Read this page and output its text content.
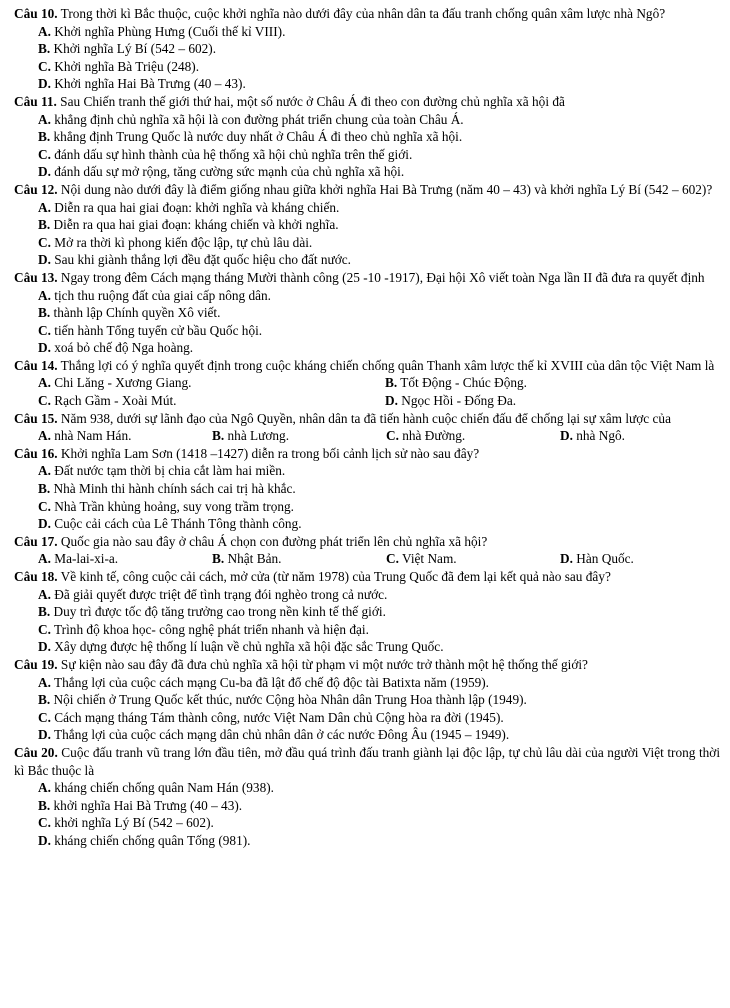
Câu 10. Trong thời kì Bắc thuộc, cuộc khởi nghĩa nào dưới đây của nhân dân ta đấu tranh chống quân xâm lược nhà Ngô?
A. Khởi nghĩa Phùng Hưng (Cuối thế kỉ VIII).
B. Khởi nghĩa Lý Bí (542 – 602).
C. Khởi nghĩa Bà Triệu (248).
D. Khởi nghĩa Hai Bà Trưng (40 – 43).
Câu 11. Sau Chiến tranh thế giới thứ hai, một số nước ở Châu Á đi theo con đường chủ nghĩa xã hội đã
A. khẳng định chủ nghĩa xã hội là con đường phát triển chung của toàn Châu Á.
B. khẳng định Trung Quốc là nước duy nhất ở Châu Á đi theo chủ nghĩa xã hội.
C. đánh dấu sự hình thành của hệ thống xã hội chủ nghĩa trên thế giới.
D. đánh dấu sự mở rộng, tăng cường sức mạnh của chủ nghĩa xã hội.
Câu 12. Nội dung nào dưới đây là điểm giống nhau giữa khởi nghĩa Hai Bà Trưng (năm 40 – 43) và khởi nghĩa Lý Bí (542 – 602)?
A. Diễn ra qua hai giai đoạn: khởi nghĩa và kháng chiến.
B. Diễn ra qua hai giai đoạn: kháng chiến và khởi nghĩa.
C. Mở ra thời kì phong kiến độc lập, tự chủ lâu dài.
D. Sau khi giành thắng lợi đều đặt quốc hiệu cho đất nước.
Câu 13. Ngay trong đêm Cách mạng tháng Mười thành công (25 -10 -1917), Đại hội Xô viết toàn Nga lần II đã đưa ra quyết định
A. tịch thu ruộng đất của giai cấp nông dân.
B. thành lập Chính quyền Xô viết.
C. tiến hành Tổng tuyển cử bầu Quốc hội.
D. xoá bỏ chế độ Nga hoàng.
Câu 14. Thắng lợi có ý nghĩa quyết định trong cuộc kháng chiến chống quân Thanh xâm lược thế kỉ XVIII của dân tộc Việt Nam là
A. Chi Lăng - Xương Giang.	B. Tốt Động - Chúc Động.
C. Rạch Gầm - Xoài Mút.	D. Ngọc Hồi - Đống Đa.
Câu 15. Năm 938, dưới sự lãnh đạo của Ngô Quyền, nhân dân ta đã tiến hành cuộc chiến đấu để chống lại sự xâm lược của
A. nhà Nam Hán.	B. nhà Lương.	C. nhà Đường.	D. nhà Ngô.
Câu 16. Khởi nghĩa Lam Sơn (1418 –1427) diễn ra trong bối cảnh lịch sử nào sau đây?
A. Đất nước tạm thời bị chia cắt làm hai miền.
B. Nhà Minh thi hành chính sách cai trị hà khắc.
C. Nhà Trần khủng hoảng, suy vong trầm trọng.
D. Cuộc cải cách của Lê Thánh Tông thành công.
Câu 17. Quốc gia nào sau đây ở châu Á chọn con đường phát triển lên chủ nghĩa xã hội?
A. Ma-lai-xi-a.	B. Nhật Bản.	C. Việt Nam.	D. Hàn Quốc.
Câu 18. Về kinh tế, công cuộc cải cách, mở cửa (từ năm 1978) của Trung Quốc đã đem lại kết quả nào sau đây?
A. Đã giải quyết được triệt để tình trạng đói nghèo trong cả nước.
B. Duy trì được tốc độ tăng trưởng cao trong nền kinh tế thế giới.
C. Trình độ khoa học- công nghệ phát triển nhanh và hiện đại.
D. Xây dựng được hệ thống lí luận về chủ nghĩa xã hội đặc sắc Trung Quốc.
Câu 19. Sự kiện nào sau đây đã đưa chủ nghĩa xã hội từ phạm vi một nước trở thành một hệ thống thế giới?
A. Thắng lợi của cuộc cách mạng Cu-ba đã lật đổ chế độ độc tài Batixta năm (1959).
B. Nội chiến ở Trung Quốc kết thúc, nước Cộng hòa Nhân dân Trung Hoa thành lập (1949).
C. Cách mạng tháng Tám thành công, nước Việt Nam Dân chủ Cộng hòa ra đời (1945).
D. Thắng lợi của cuộc cách mạng dân chủ nhân dân ở các nước Đông Âu (1945 – 1949).
Câu 20. Cuộc đấu tranh vũ trang lớn đầu tiên, mở đầu quá trình đấu tranh giành lại độc lập, tự chủ lâu dài của người Việt trong thời kì Bắc thuộc là
A. kháng chiến chống quân Nam Hán (938).
B. khởi nghĩa Hai Bà Trưng (40 – 43).
C. khởi nghĩa Lý Bí (542 – 602).
D. kháng chiến chống quân Tống (981).
